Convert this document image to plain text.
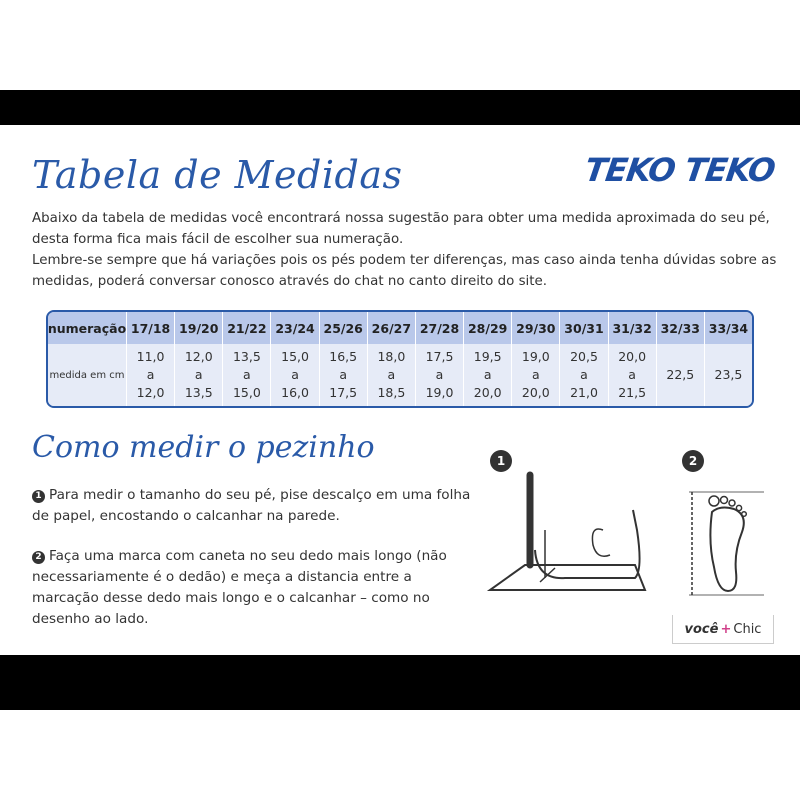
Tabela de Medidas	TEKO TEKO

Abaixo da tabela de medidas você encontrará nossa sugestão para obter uma medida aproximada do seu pé, desta forma fica mais fácil de escolher sua numeração.

Lembre-se sempre que há variações pois os pés podem ter diferenças, mas caso ainda tenha dúvidas sobre as medidas, poderá conversar conosco através do chat no canto direito do site.

numeração 17/18 19/20 21/22 23/24 25/26 26/27 27/28 28/29 29/30 30/31 31/32 32/33 33/34
medida em cm
11,0
a
12,0
12,0
a
13,5
13,5
a
15,0
15,0
a
16,0
16,5
a
17,5
18,0
a
18,5
17,5
a
19,0
19,5
a
20,0
19,0
a
20,0
20,5
a
21,0
20,0
a
21,5
22,5 23,5
Como medir o pezinho

1 Para medir o tamanho do seu pé, pise descalço em uma folha de papel, encostando o calcanhar na parede.

2 Faça uma marca com caneta no seu dedo mais longo (não necessariamente é o dedão) e meça a distancia entre a marcação desse dedo mais longo e o calcanhar – como no desenho ao lado.

1	2
você + Chic
